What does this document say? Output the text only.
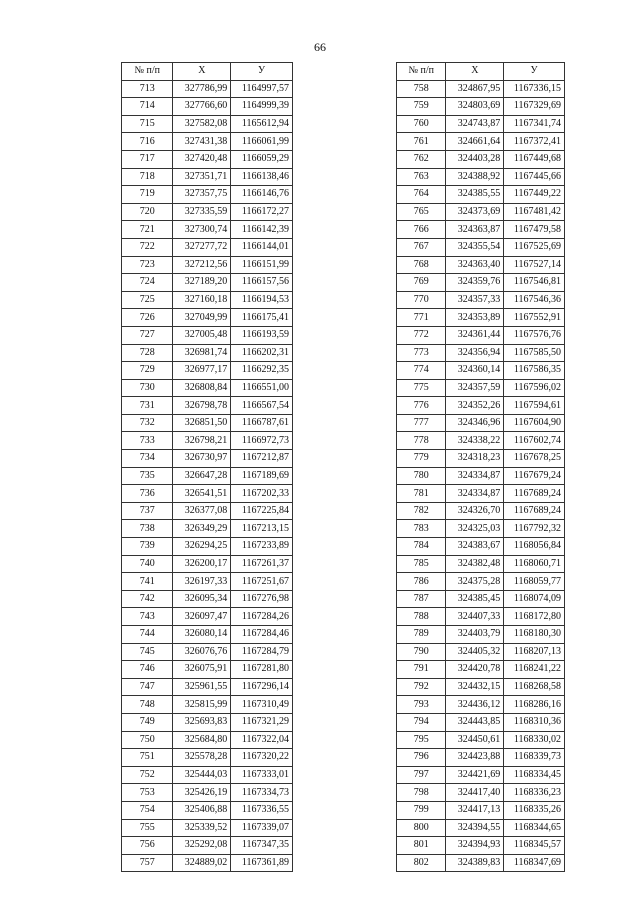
66
№ п/п	Х	У
713	327786,99	1164997,57
714	327766,60	1164999,39
715	327582,08	1165612,94
716	327431,38	1166061,99
717	327420,48	1166059,29
718	327351,71	1166138,46
719	327357,75	1166146,76
720	327335,59	1166172,27
721	327300,74	1166142,39
722	327277,72	1166144,01
723	327212,56	1166151,99
724	327189,20	1166157,56
725	327160,18	1166194,53
726	327049,99	1166175,41
727	327005,48	1166193,59
728	326981,74	1166202,31
729	326977,17	1166292,35
730	326808,84	1166551,00
731	326798,78	1166567,54
732	326851,50	1166787,61
733	326798,21	1166972,73
734	326730,97	1167212,87
735	326647,28	1167189,69
736	326541,51	1167202,33
737	326377,08	1167225,84
738	326349,29	1167213,15
739	326294,25	1167233,89
740	326200,17	1167261,37
741	326197,33	1167251,67
742	326095,34	1167276,98
743	326097,47	1167284,26
744	326080,14	1167284,46
745	326076,76	1167284,79
746	326075,91	1167281,80
747	325961,55	1167296,14
748	325815,99	1167310,49
749	325693,83	1167321,29
750	325684,80	1167322,04
751	325578,28	1167320,22
752	325444,03	1167333,01
753	325426,19	1167334,73
754	325406,88	1167336,55
755	325339,52	1167339,07
756	325292,08	1167347,35
757	324889,02	1167361,89
№ п/п	Х	У
758	324867,95	1167336,15
759	324803,69	1167329,69
760	324743,87	1167341,74
761	324661,64	1167372,41
762	324403,28	1167449,68
763	324388,92	1167445,66
764	324385,55	1167449,22
765	324373,69	1167481,42
766	324363,87	1167479,58
767	324355,54	1167525,69
768	324363,40	1167527,14
769	324359,76	1167546,81
770	324357,33	1167546,36
771	324353,89	1167552,91
772	324361,44	1167576,76
773	324356,94	1167585,50
774	324360,14	1167586,35
775	324357,59	1167596,02
776	324352,26	1167594,61
777	324346,96	1167604,90
778	324338,22	1167602,74
779	324318,23	1167678,25
780	324334,87	1167679,24
781	324334,87	1167689,24
782	324326,70	1167689,24
783	324325,03	1167792,32
784	324383,67	1168056,84
785	324382,48	1168060,71
786	324375,28	1168059,77
787	324385,45	1168074,09
788	324407,33	1168172,80
789	324403,79	1168180,30
790	324405,32	1168207,13
791	324420,78	1168241,22
792	324432,15	1168268,58
793	324436,12	1168286,16
794	324443,85	1168310,36
795	324450,61	1168330,02
796	324423,88	1168339,73
797	324421,69	1168334,45
798	324417,40	1168336,23
799	324417,13	1168335,26
800	324394,55	1168344,65
801	324394,93	1168345,57
802	324389,83	1168347,69
